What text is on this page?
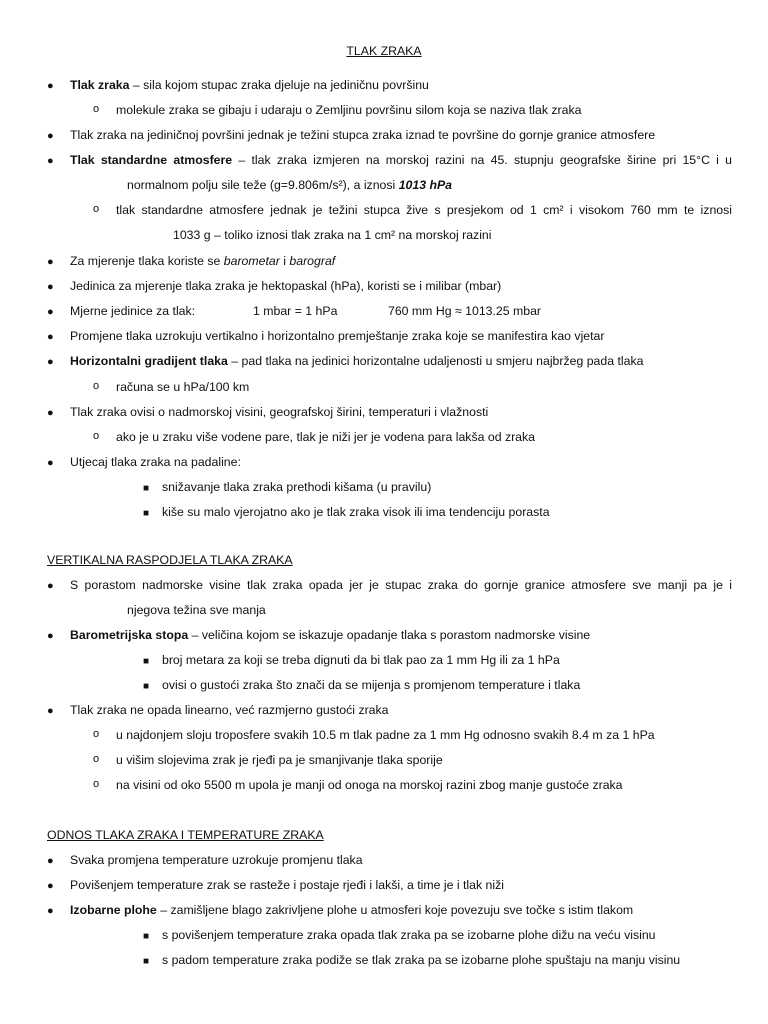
TLAK ZRAKA
● Tlak zraka – sila kojom stupac zraka djeluje na jediničnu površinu
o molekule zraka se gibaju i udaraju o Zemljinu površinu silom koja se naziva tlak zraka
● Tlak zraka na jediničnoj površini jednak je težini stupca zraka iznad te površine do gornje granice atmosfere
● Tlak standardne atmosfere – tlak zraka izmjeren na morskoj razini na 45. stupnju geografske širine pri 15°C i u
normalnom polju sile teže (g=9.806m/s²), a iznosi 1013 hPa
o tlak standardne atmosfere jednak je težini stupca žive s presjekom od 1 cm² i visokom 760 mm te iznosi
1033 g – toliko iznosi tlak zraka na 1 cm² na morskoj razini
● Za mjerenje tlaka koriste se barometar i barograf
● Jedinica za mjerenje tlaka zraka je hektopaskal (hPa), koristi se i milibar (mbar)
● Mjerne jedinice za tlak:	1 mbar = 1 hPa	760 mm Hg ≈ 1013.25 mbar
● Promjene tlaka uzrokuju vertikalno i horizontalno premještanje zraka koje se manifestira kao vjetar
● Horizontalni gradijent tlaka – pad tlaka na jedinici horizontalne udaljenosti u smjeru najbržeg pada tlaka
o računa se u hPa/100 km
● Tlak zraka ovisi o nadmorskoj visini, geografskoj širini, temperaturi i vlažnosti
o ako je u zraku više vodene pare, tlak je niži jer je vodena para lakša od zraka
● Utjecaj tlaka zraka na padaline:
■ snižavanje tlaka zraka prethodi kišama (u pravilu)
■ kiše su malo vjerojatno ako je tlak zraka visok ili ima tendenciju porasta
VERTIKALNA RASPODJELA TLAKA ZRAKA
● S porastom nadmorske visine tlak zraka opada jer je stupac zraka do gornje granice atmosfere sve manji pa je i
njegova težina sve manja
● Barometrijska stopa – veličina kojom se iskazuje opadanje tlaka s porastom nadmorske visine
■ broj metara za koji se treba dignuti da bi tlak pao za 1 mm Hg ili za 1 hPa
■ ovisi o gustoći zraka što znači da se mijenja s promjenom temperature i tlaka
● Tlak zraka ne opada linearno, već razmjerno gustoći zraka
o u najdonjem sloju troposfere svakih 10.5 m tlak padne za 1 mm Hg odnosno svakih 8.4 m za 1 hPa
o u višim slojevima zrak je rjeđi pa je smanjivanje tlaka sporije
o na visini od oko 5500 m upola je manji od onoga na morskoj razini zbog manje gustoće zraka
ODNOS TLAKA ZRAKA I TEMPERATURE ZRAKA
● Svaka promjena temperature uzrokuje promjenu tlaka
● Povišenjem temperature zrak se rasteže i postaje rjeđi i lakši, a time je i tlak niži
● Izobarne plohe – zamišljene blago zakrivljene plohe u atmosferi koje povezuju sve točke s istim tlakom
■ s povišenjem temperature zraka opada tlak zraka pa se izobarne plohe dižu na veću visinu
■ s padom temperature zraka podiže se tlak zraka pa se izobarne plohe spuštaju na manju visinu
